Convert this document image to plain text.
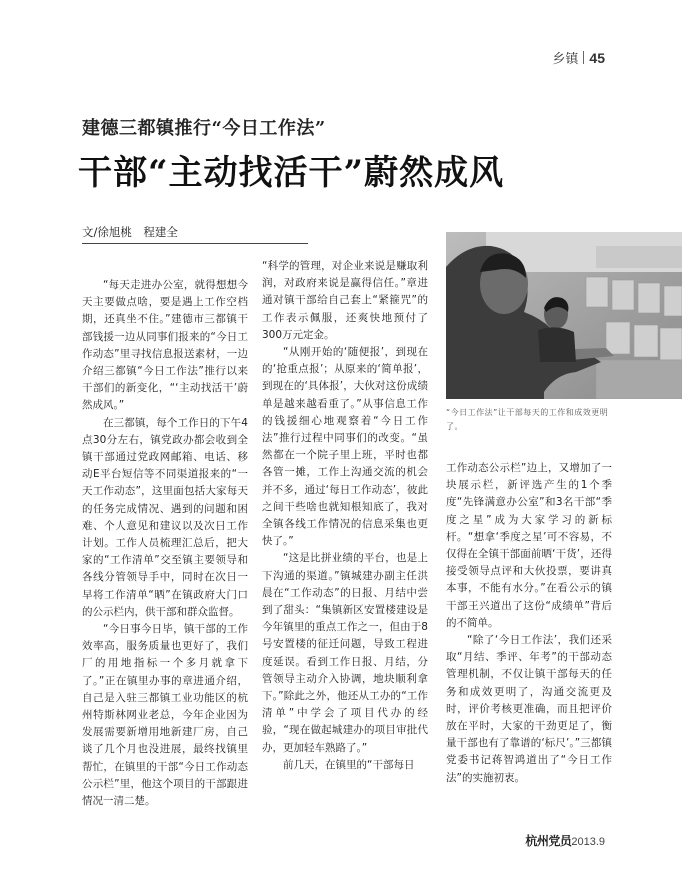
乡镇 45
建德三都镇推行“今日工作法”
干部“主动找活干”蔚然成风
文/徐旭桃　程建全
“今日工作法”让干部每天的工作和成效更明了。

“每天走进办公室，就得想想今天主要做点啥，要是遇上工作空档期，还真坐不住。”建德市三都镇干部钱援一边从同事们报来的“今日工作动态”里寻找信息报送素材，一边介绍三都镇“今日工作法”推行以来干部们的新变化，“‘主动找活干’蔚然成风。”

在三都镇，每个工作日的下午4点30分左右，镇党政办都会收到全镇干部通过党政网邮箱、电话、移动E平台短信等不同渠道报来的“一天工作动态”，这里面包括大家每天的任务完成情况、遇到的问题和困难、个人意见和建议以及次日工作计划。工作人员梳理汇总后，把大家的“工作清单”交至镇主要领导和各线分管领导手中，同时在次日一早将工作清单“晒”在镇政府大门口的公示栏内，供干部和群众监督。

“今日事今日毕，镇干部的工作效率高，服务质量也更好了，我们厂的用地指标一个多月就拿下了。”正在镇里办事的章进通介绍，自己是入驻三都镇工业功能区的杭州特斯林网业老总，今年企业因为发展需要新增用地新建厂房，自己谈了几个月也没进展，最终找镇里帮忙，在镇里的干部“今日工作动态公示栏”里，他这个项目的干部跟进情况一清二楚。

“科学的管理，对企业来说是赚取利润，对政府来说是赢得信任。”章进通对镇干部给自己套上“紧箍咒”的工作表示佩服，还爽快地预付了300万元定金。

“从刚开始的‘随便报’，到现在的‘抢重点报’；从原来的‘简单报’，到现在的‘具体报’，大伙对这份成绩单是越来越看重了。”从事信息工作的钱援细心地观察着“今日工作法”推行过程中同事们的改变。“虽然都在一个院子里上班，平时也都各管一摊，工作上沟通交流的机会并不多，通过‘每日工作动态’，彼此之间干些啥也就知根知底了，我对全镇各线工作情况的信息采集也更快了。”

“这是比拼业绩的平台，也是上下沟通的渠道。”镇城建办副主任洪晨在“工作动态”的日报、月结中尝到了甜头：“集镇新区安置楼建设是今年镇里的重点工作之一，但由于8号安置楼的征迁问题，导致工程进度延误。看到工作日报、月结，分管领导主动介入协调，地块顺利拿下。”除此之外，他还从工办的“工作清单”中学会了项目代办的经验，“现在做起城建办的项目审批代办，更加轻车熟路了。”

前几天，在镇里的“干部每日

工作动态公示栏”边上，又增加了一块展示栏，新评选产生的1个季度“先锋满意办公室”和3名干部“季度之星”成为大家学习的新标杆。“想拿‘季度之星’可不容易，不仅得在全镇干部面前晒‘干货’，还得接受领导点评和大伙投票，要讲真本事，不能有水分。”在看公示的镇干部王兴道出了这份“成绩单”背后的不简单。

“除了‘今日工作法’，我们还采取“月结、季评、年考”的干部动态管理机制，不仅让镇干部每天的任务和成效更明了，沟通交流更及时，评价考核更准确，而且把评价放在平时，大家的干劲更足了，衡量干部也有了靠谱的‘标尺’。”三都镇党委书记蒋智鸿道出了“今日工作法”的实施初衷。

杭州党员2013.9
